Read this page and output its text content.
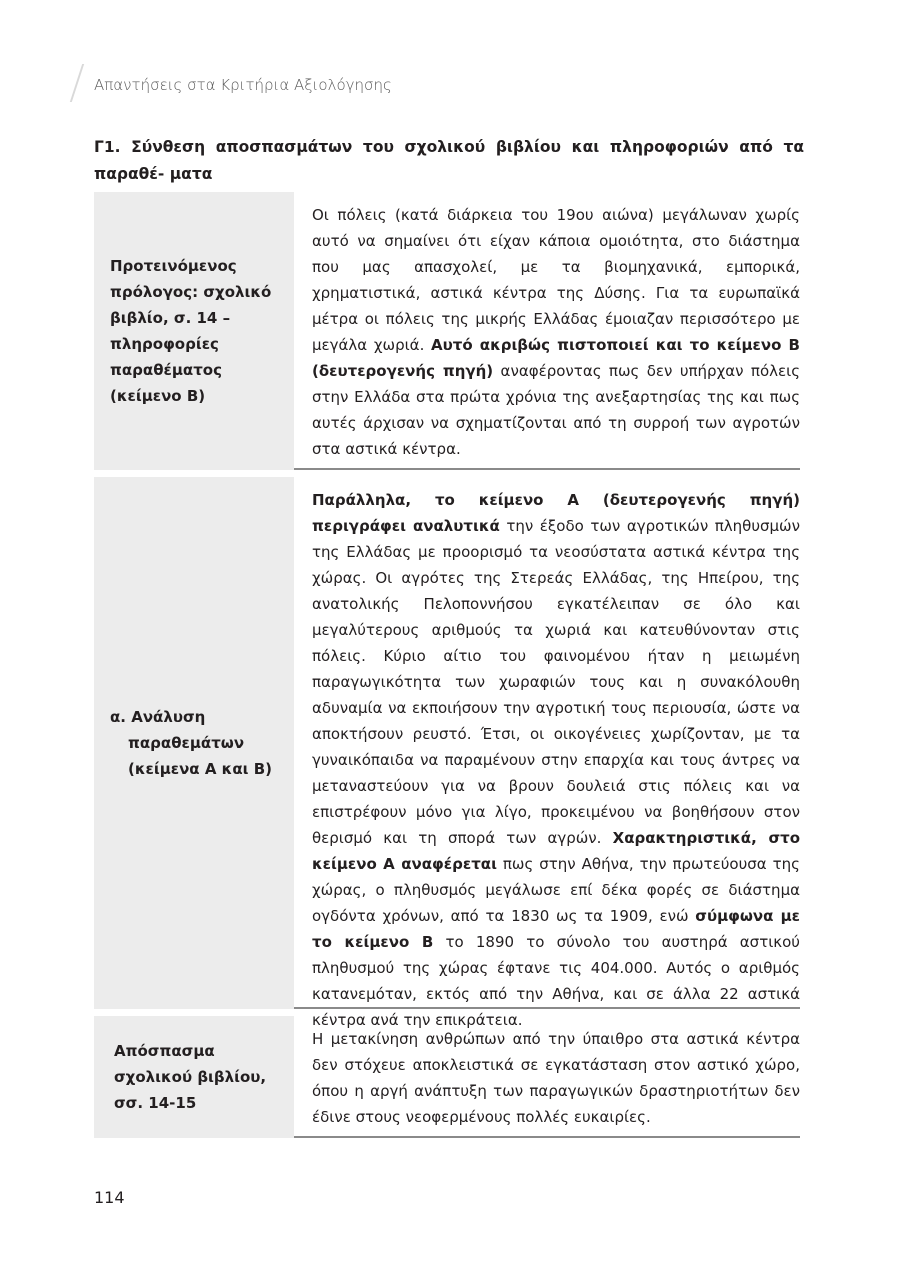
Απαντήσεις στα Κριτήρια Αξιολόγησης
Γ1. Σύνθεση αποσπασμάτων του σχολικού βιβλίου και πληροφοριών από τα παραθέ- ματα
Προτεινόμενος πρόλογος: σχολικό βιβλίο, σ. 14 – πληροφορίες παραθέματος (κείμενο Β)
Οι πόλεις (κατά διάρκεια του 19ου αιώνα) μεγάλωναν χωρίς αυτό να σημαίνει ότι είχαν κάποια ομοιότητα, στο διάστημα που μας απασχολεί, με τα βιομηχανικά, εμπορικά, χρηματιστικά, αστικά κέντρα της Δύσης. Για τα ευρωπαϊκά μέτρα οι πόλεις της μικρής Ελλάδας έμοιαζαν περισσότερο με μεγάλα χωριά. Αυτό ακριβώς πιστοποιεί και το κείμενο Β (δευτερογενής πηγή) αναφέροντας πως δεν υπήρχαν πόλεις στην Ελλάδα στα πρώτα χρόνια της ανεξαρτησίας της και πως αυτές άρχισαν να σχηματίζονται από τη συρροή των αγροτών στα αστικά κέντρα.
α. Ανάλυση παραθεμάτων (κείμενα Α και Β)
Παράλληλα, το κείμενο Α (δευτερογενής πηγή) περιγράφει αναλυτικά την έξοδο των αγροτικών πληθυσμών της Ελλάδας με προορισμό τα νεοσύστατα αστικά κέντρα της χώρας. Οι αγρότες της Στερεάς Ελλάδας, της Ηπείρου, της ανατολικής Πελοποννήσου εγκατέλειπαν σε όλο και μεγαλύτερους αριθμούς τα χωριά και κατευθύνονταν στις πόλεις. Κύριο αίτιο του φαινομένου ήταν η μειωμένη παραγωγικότητα των χωραφιών τους και η συνακόλουθη αδυναμία να εκποιήσουν την αγροτική τους περιουσία, ώστε να αποκτήσουν ρευστό. Έτσι, οι οικογένειες χωρίζονταν, με τα γυναικόπαιδα να παραμένουν στην επαρχία και τους άντρες να μεταναστεύουν για να βρουν δουλειά στις πόλεις και να επιστρέφουν μόνο για λίγο, προκειμένου να βοηθήσουν στον θερισμό και τη σπορά των αγρών. Χαρακτηριστικά, στο κείμενο Α αναφέρεται πως στην Αθήνα, την πρωτεύουσα της χώρας, ο πληθυσμός μεγάλωσε επί δέκα φορές σε διάστημα ογδόντα χρόνων, από τα 1830 ως τα 1909, ενώ σύμφωνα με το κείμενο Β το 1890 το σύνολο του αυστηρά αστικού πληθυσμού της χώρας έφτανε τις 404.000. Αυτός ο αριθμός κατανεμόταν, εκτός από την Αθήνα, και σε άλλα 22 αστικά κέντρα ανά την επικράτεια.
Απόσπασμα σχολικού βιβλίου, σσ. 14-15
Η μετακίνηση ανθρώπων από την ύπαιθρο στα αστικά κέντρα δεν στόχευε αποκλειστικά σε εγκατάσταση στον αστικό χώρο, όπου η αργή ανάπτυξη των παραγωγικών δραστηριοτήτων δεν έδινε στους νεοφερμένους πολλές ευκαιρίες.
114
